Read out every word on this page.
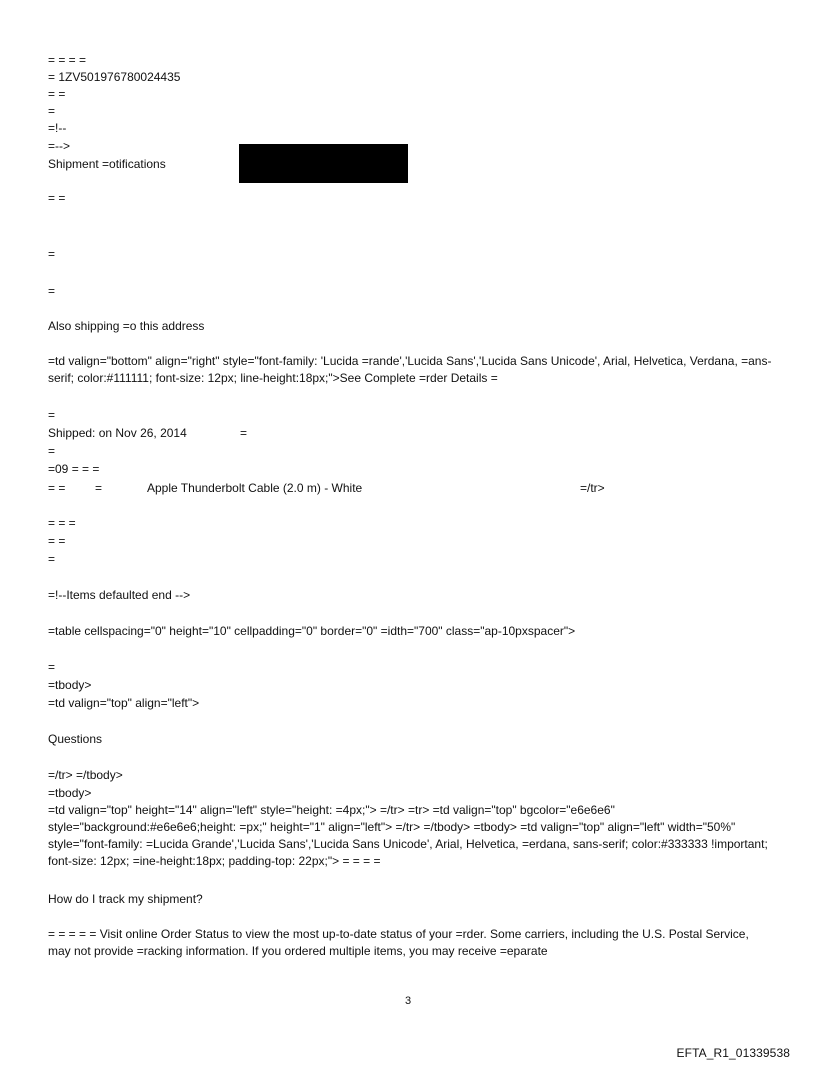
= = = =
= 1ZV501976780024435
= =
=
=!--
=-->
Shipment =otifications
= =
=
=
Also shipping =o this address
=td valign="bottom" align="right" style="font-family: 'Lucida =rande','Lucida Sans','Lucida Sans Unicode', Arial, Helvetica, Verdana, =ans-serif; color:#111111; font-size: 12px; line-height:18px;">See Complete =rder Details =
=
Shipped: on Nov 26, 2014	=
=
=09 = = =

= =

=

	Apple Thunderbolt Cable (2.0 m) - White

	=/tr>

= = =
= =
=
=!--Items defaulted end -->
=table cellspacing="0" height="10" cellpadding="0" border="0" =idth="700" class="ap-10pxspacer">
=
=tbody>
=td valign="top" align="left">
Questions
=/tr> =/tbody>
=tbody>
=td valign="top" height="14" align="left" style="height: =4px;"> =/tr> =tr> =td valign="top" bgcolor="e6e6e6" style="background:#e6e6e6;height: =px;" height="1" align="left"> =/tr> =/tbody> =tbody> =td valign="top" align="left" width="50%" style="font-family: =Lucida Grande','Lucida Sans','Lucida Sans Unicode', Arial, Helvetica, =erdana, sans-serif; color:#333333 !important; font-size: 12px; =ine-height:18px; padding-top: 22px;"> = = = =
How do I track my shipment?
= = = = = Visit online Order Status to view the most up-to-date status of your =rder. Some carriers, including the U.S. Postal Service, may not provide =racking information. If you ordered multiple items, you may receive =eparate
3
EFTA_R1_01339538
